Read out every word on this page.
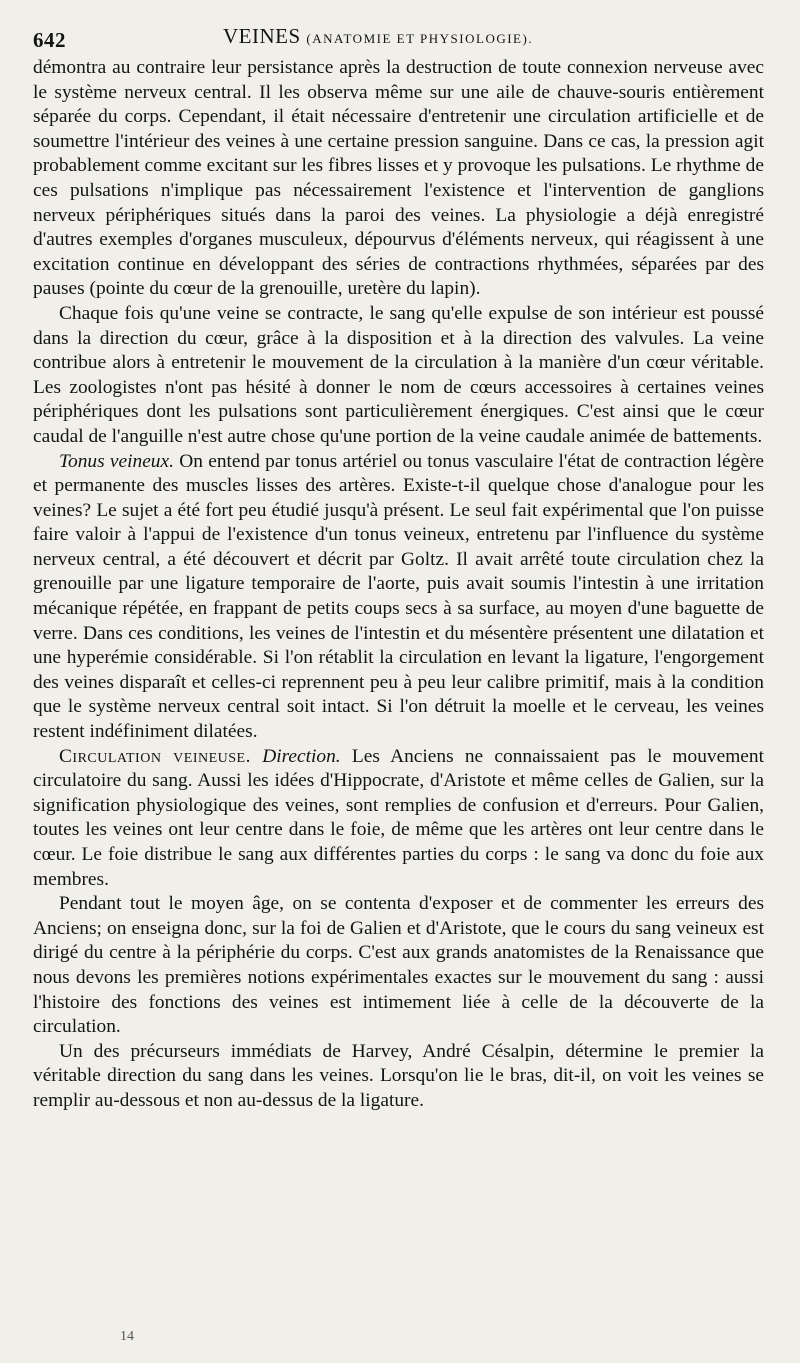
642	VEINES (ANATOMIE ET PHYSIOLOGIE).

démontra au contraire leur persistance après la destruction de toute connexion nerveuse avec le système nerveux central. Il les observa même sur une aile de chauve-souris entièrement séparée du corps. Cependant, il était nécessaire d'entretenir une circulation artificielle et de soumettre l'intérieur des veines à une certaine pression sanguine. Dans ce cas, la pression agit probablement comme excitant sur les fibres lisses et y provoque les pulsations. Le rhythme de ces pulsations n'implique pas nécessairement l'existence et l'intervention de ganglions nerveux périphériques situés dans la paroi des veines. La physiologie a déjà enregistré d'autres exemples d'organes musculeux, dépourvus d'éléments nerveux, qui réagissent à une excitation continue en développant des séries de contractions rhythmées, séparées par des pauses (pointe du cœur de la grenouille, uretère du lapin).

Chaque fois qu'une veine se contracte, le sang qu'elle expulse de son intérieur est poussé dans la direction du cœur, grâce à la disposition et à la direction des valvules. La veine contribue alors à entretenir le mouvement de la circulation à la manière d'un cœur véritable. Les zoologistes n'ont pas hésité à donner le nom de cœurs accessoires à certaines veines périphériques dont les pulsations sont particulièrement énergiques. C'est ainsi que le cœur caudal de l'anguille n'est autre chose qu'une portion de la veine caudale animée de battements.

Tonus veineux. On entend par tonus artériel ou tonus vasculaire l'état de contraction légère et permanente des muscles lisses des artères. Existe-t-il quelque chose d'analogue pour les veines? Le sujet a été fort peu étudié jusqu'à présent. Le seul fait expérimental que l'on puisse faire valoir à l'appui de l'existence d'un tonus veineux, entretenu par l'influence du système nerveux central, a été découvert et décrit par Goltz. Il avait arrêté toute circulation chez la grenouille par une ligature temporaire de l'aorte, puis avait soumis l'intestin à une irritation mécanique répétée, en frappant de petits coups secs à sa surface, au moyen d'une baguette de verre. Dans ces conditions, les veines de l'intestin et du mésentère présentent une dilatation et une hyperémie considérable. Si l'on rétablit la circulation en levant la ligature, l'engorgement des veines disparaît et celles-ci reprennent peu à peu leur calibre primitif, mais à la condition que le système nerveux central soit intact. Si l'on détruit la moelle et le cerveau, les veines restent indéfiniment dilatées.

Circulation veineuse. Direction. Les Anciens ne connaissaient pas le mouvement circulatoire du sang. Aussi les idées d'Hippocrate, d'Aristote et même celles de Galien, sur la signification physiologique des veines, sont remplies de confusion et d'erreurs. Pour Galien, toutes les veines ont leur centre dans le foie, de même que les artères ont leur centre dans le cœur. Le foie distribue le sang aux différentes parties du corps : le sang va donc du foie aux membres.

Pendant tout le moyen âge, on se contenta d'exposer et de commenter les erreurs des Anciens; on enseigna donc, sur la foi de Galien et d'Aristote, que le cours du sang veineux est dirigé du centre à la périphérie du corps. C'est aux grands anatomistes de la Renaissance que nous devons les premières notions expérimentales exactes sur le mouvement du sang : aussi l'histoire des fonctions des veines est intimement liée à celle de la découverte de la circulation.

Un des précurseurs immédiats de Harvey, André Césalpin, détermine le premier la véritable direction du sang dans les veines. Lorsqu'on lie le bras, dit-il, on voit les veines se remplir au-dessous et non au-dessus de la ligature.

14
